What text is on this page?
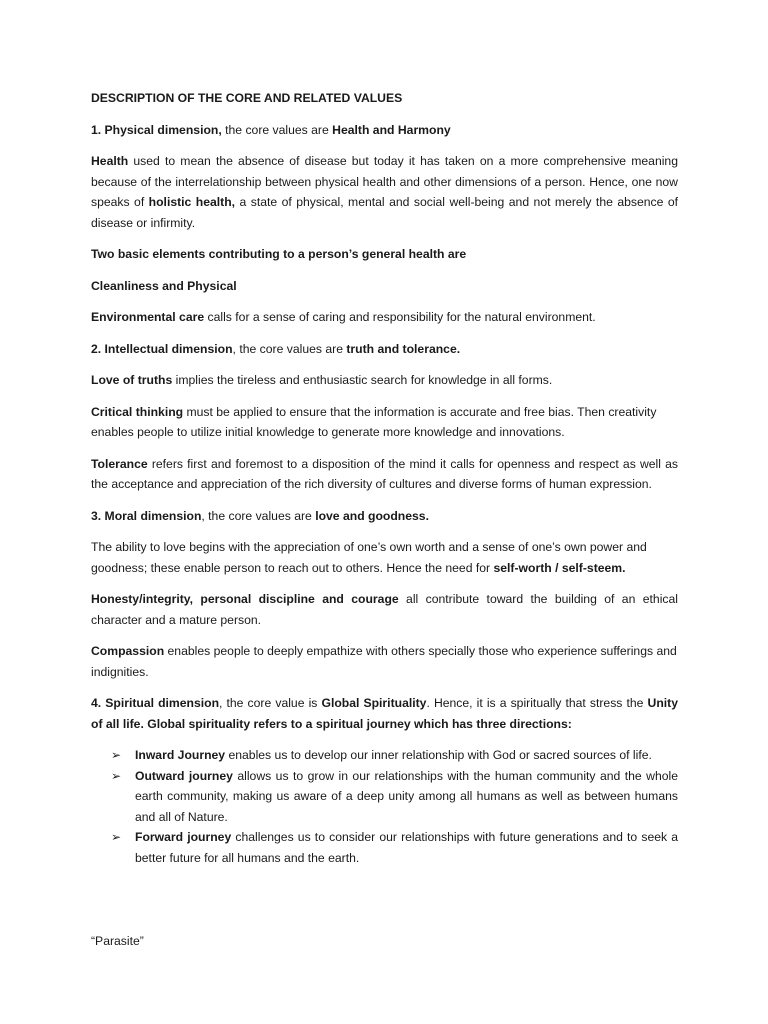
DESCRIPTION OF THE CORE AND RELATED VALUES

1. Physical dimension, the core values are Health and Harmony

Health used to mean the absence of disease but today it has taken on a more comprehensive meaning because of the interrelationship between physical health and other dimensions of a person. Hence, one now speaks of holistic health, a state of physical, mental and social well-being and not merely the absence of disease or infirmity.

Two basic elements contributing to a person’s general health are

Cleanliness and Physical

Environmental care calls for a sense of caring and responsibility for the natural environment.

2. Intellectual dimension, the core values are truth and tolerance.

Love of truths implies the tireless and enthusiastic search for knowledge in all forms.

Critical thinking must be applied to ensure that the information is accurate and free bias. Then creativity enables people to utilize initial knowledge to generate more knowledge and innovations.

Tolerance refers first and foremost to a disposition of the mind it calls for openness and respect as well as the acceptance and appreciation of the rich diversity of cultures and diverse forms of human expression.

3. Moral dimension, the core values are love and goodness.

The ability to love begins with the appreciation of one’s own worth and a sense of one’s own power and goodness; these enable person to reach out to others. Hence the need for self-worth / self-steem.

Honesty/integrity, personal discipline and courage all contribute toward the building of an ethical character and a mature person.

Compassion enables people to deeply empathize with others specially those who experience sufferings and indignities.

4. Spiritual dimension, the core value is Global Spirituality. Hence, it is a spiritually that stress the Unity of all life. Global spirituality refers to a spiritual journey which has three directions:

➢ Inward Journey enables us to develop our inner relationship with God or sacred sources of life.
➢ Outward journey allows us to grow in our relationships with the human community and the whole earth community, making us aware of a deep unity among all humans as well as between humans and all of Nature.
➢ Forward journey challenges us to consider our relationships with future generations and to seek a better future for all humans and the earth.
“Parasite”
